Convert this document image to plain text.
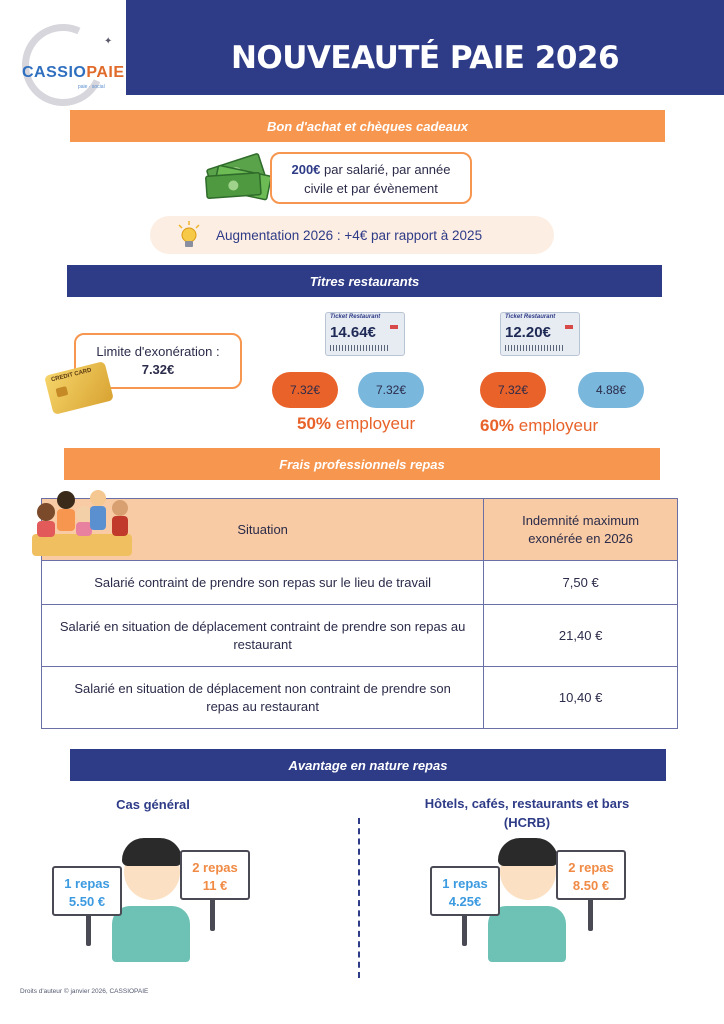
✦
CASSIOPAIE
paie · social
NOUVEAUTÉ PAIE 2026
Bon d'achat et chèques cadeaux
200€ par salarié, par année
civile et par évènement
Augmentation 2026 : +4€ par rapport à 2025
Titres restaurants
Limite d'exonération :
7.32€
CREDIT CARD
Ticket Restaurant
14.64€
7.32€	7.32€
50% employeur
Ticket Restaurant
12.20€
7.32€	4.88€
60% employeur
Frais professionnels repas
Situation	Indemnité maximum exonérée en 2026
Salarié contraint de prendre son repas sur le lieu de travail	7,50 €
Salarié en situation de déplacement contraint de prendre son repas au restaurant	21,40 €
Salarié en situation de déplacement non contraint de prendre son repas au restaurant	10,40 €
Avantage en nature repas
Cas général	Hôtels, cafés, restaurants et bars
(HCRB)
1 repas
5.50 €
2 repas
11 €	1 repas
4.25€
2 repas
8.50 €
Droits d'auteur © janvier 2026, CASSIOPAIE
